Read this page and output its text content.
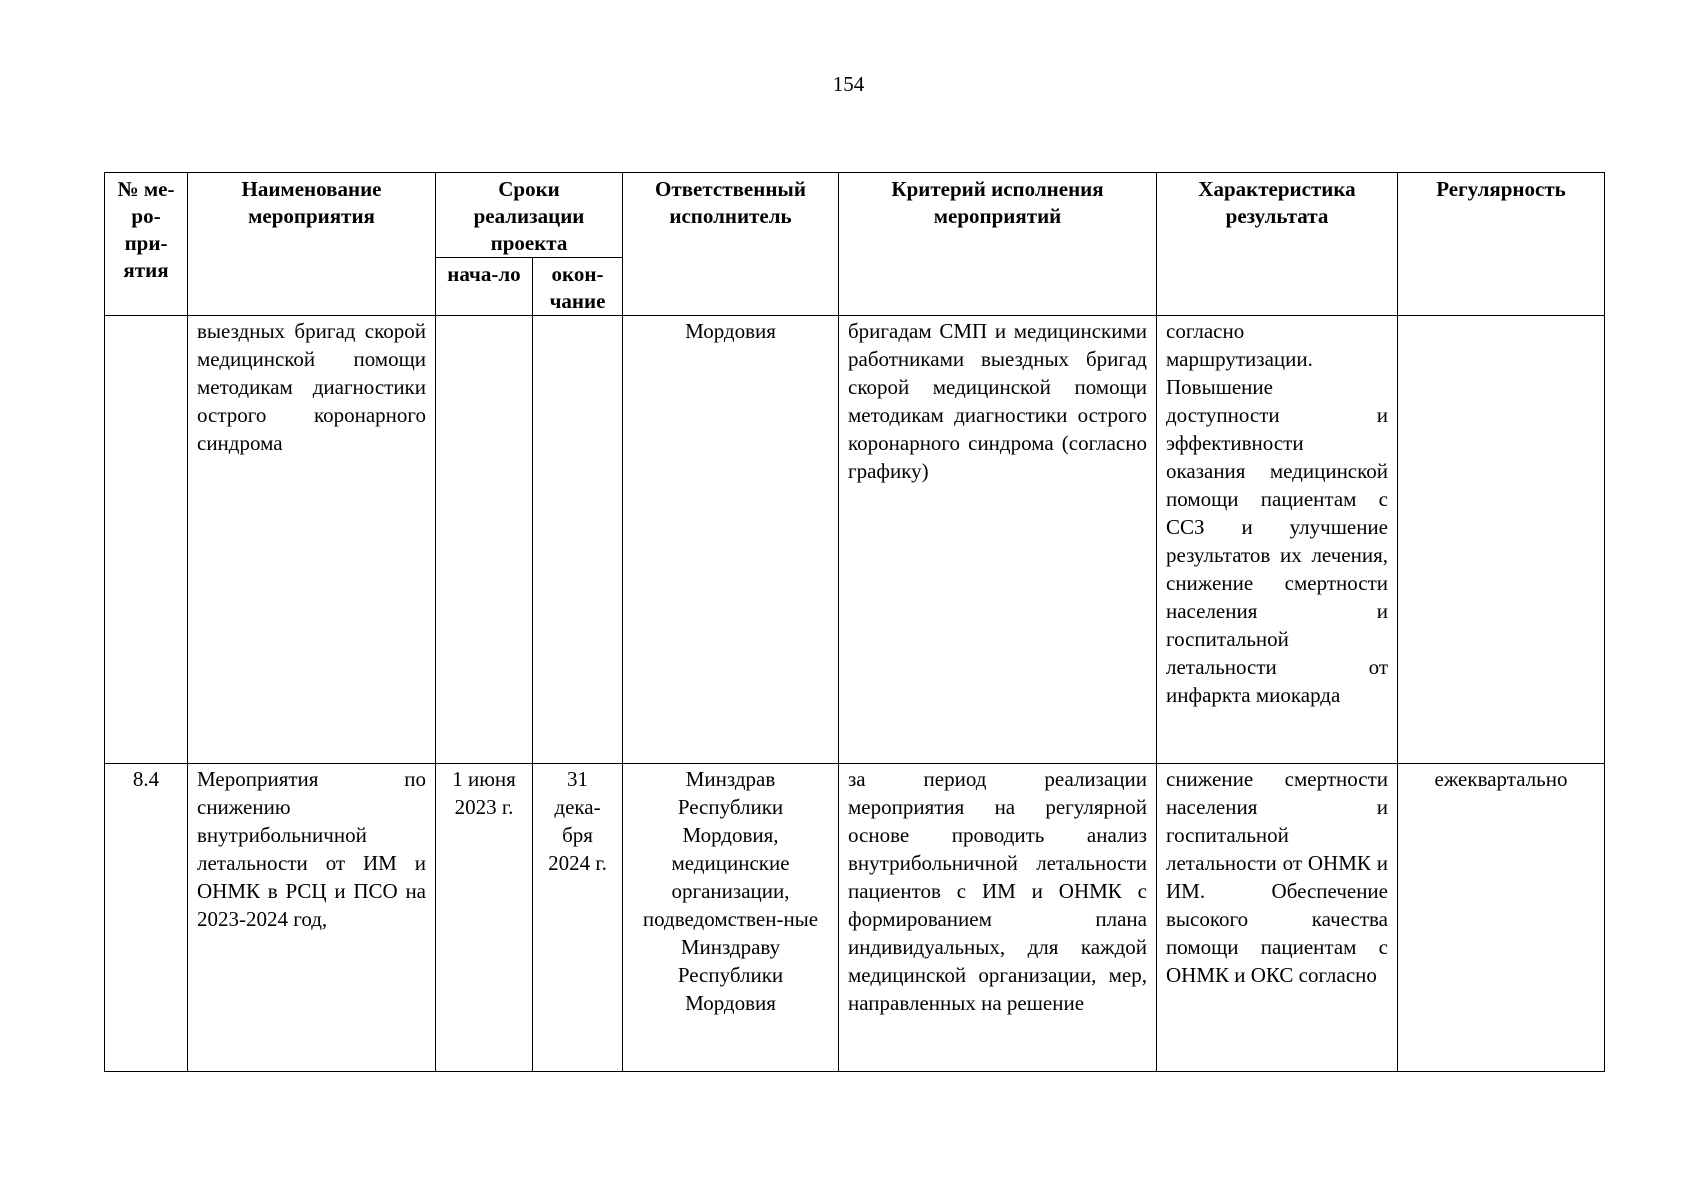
154
№ ме-ро-при-ятия	Наименование мероприятия	Сроки реализации проекта		Ответственный исполнитель	Критерий исполнения мероприятий	Характеристика результата	Регулярность
		нача-ло	окон-чание				
	выездных бригад скорой медицинской помощи методикам диагностики острого коронарного синдрома			Мордовия	бригадам СМП и медицинскими работниками выездных бригад скорой медицинской помощи методикам диагностики острого коронарного синдрома (согласно графику)	согласно маршрутизации. Повышение доступности и эффективности оказания медицинской помощи пациентам с ССЗ и улучшение результатов их лечения, снижение смертности населения и госпитальной летальности от инфаркта миокарда	
8.4	Мероприятия по снижению внутрибольничной летальности от ИМ и ОНМК в РСЦ и ПСО на 2023-2024 год,	1 июня 2023 г.	31 дека-бря 2024 г.	Минздрав Республики Мордовия, медицинские организации, подведомствен-ные Минздраву Республики Мордовия	за период реализации мероприятия на регулярной основе проводить анализ внутрибольничной летальности пациентов с ИМ и ОНМК с формированием плана индивидуальных, для каждой медицинской организации, мер, направленных на решение	снижение смертности населения и госпитальной летальности от ОНМК и ИМ. Обеспечение высокого качества помощи пациентам с ОНМК и ОКС согласно	ежеквартально
